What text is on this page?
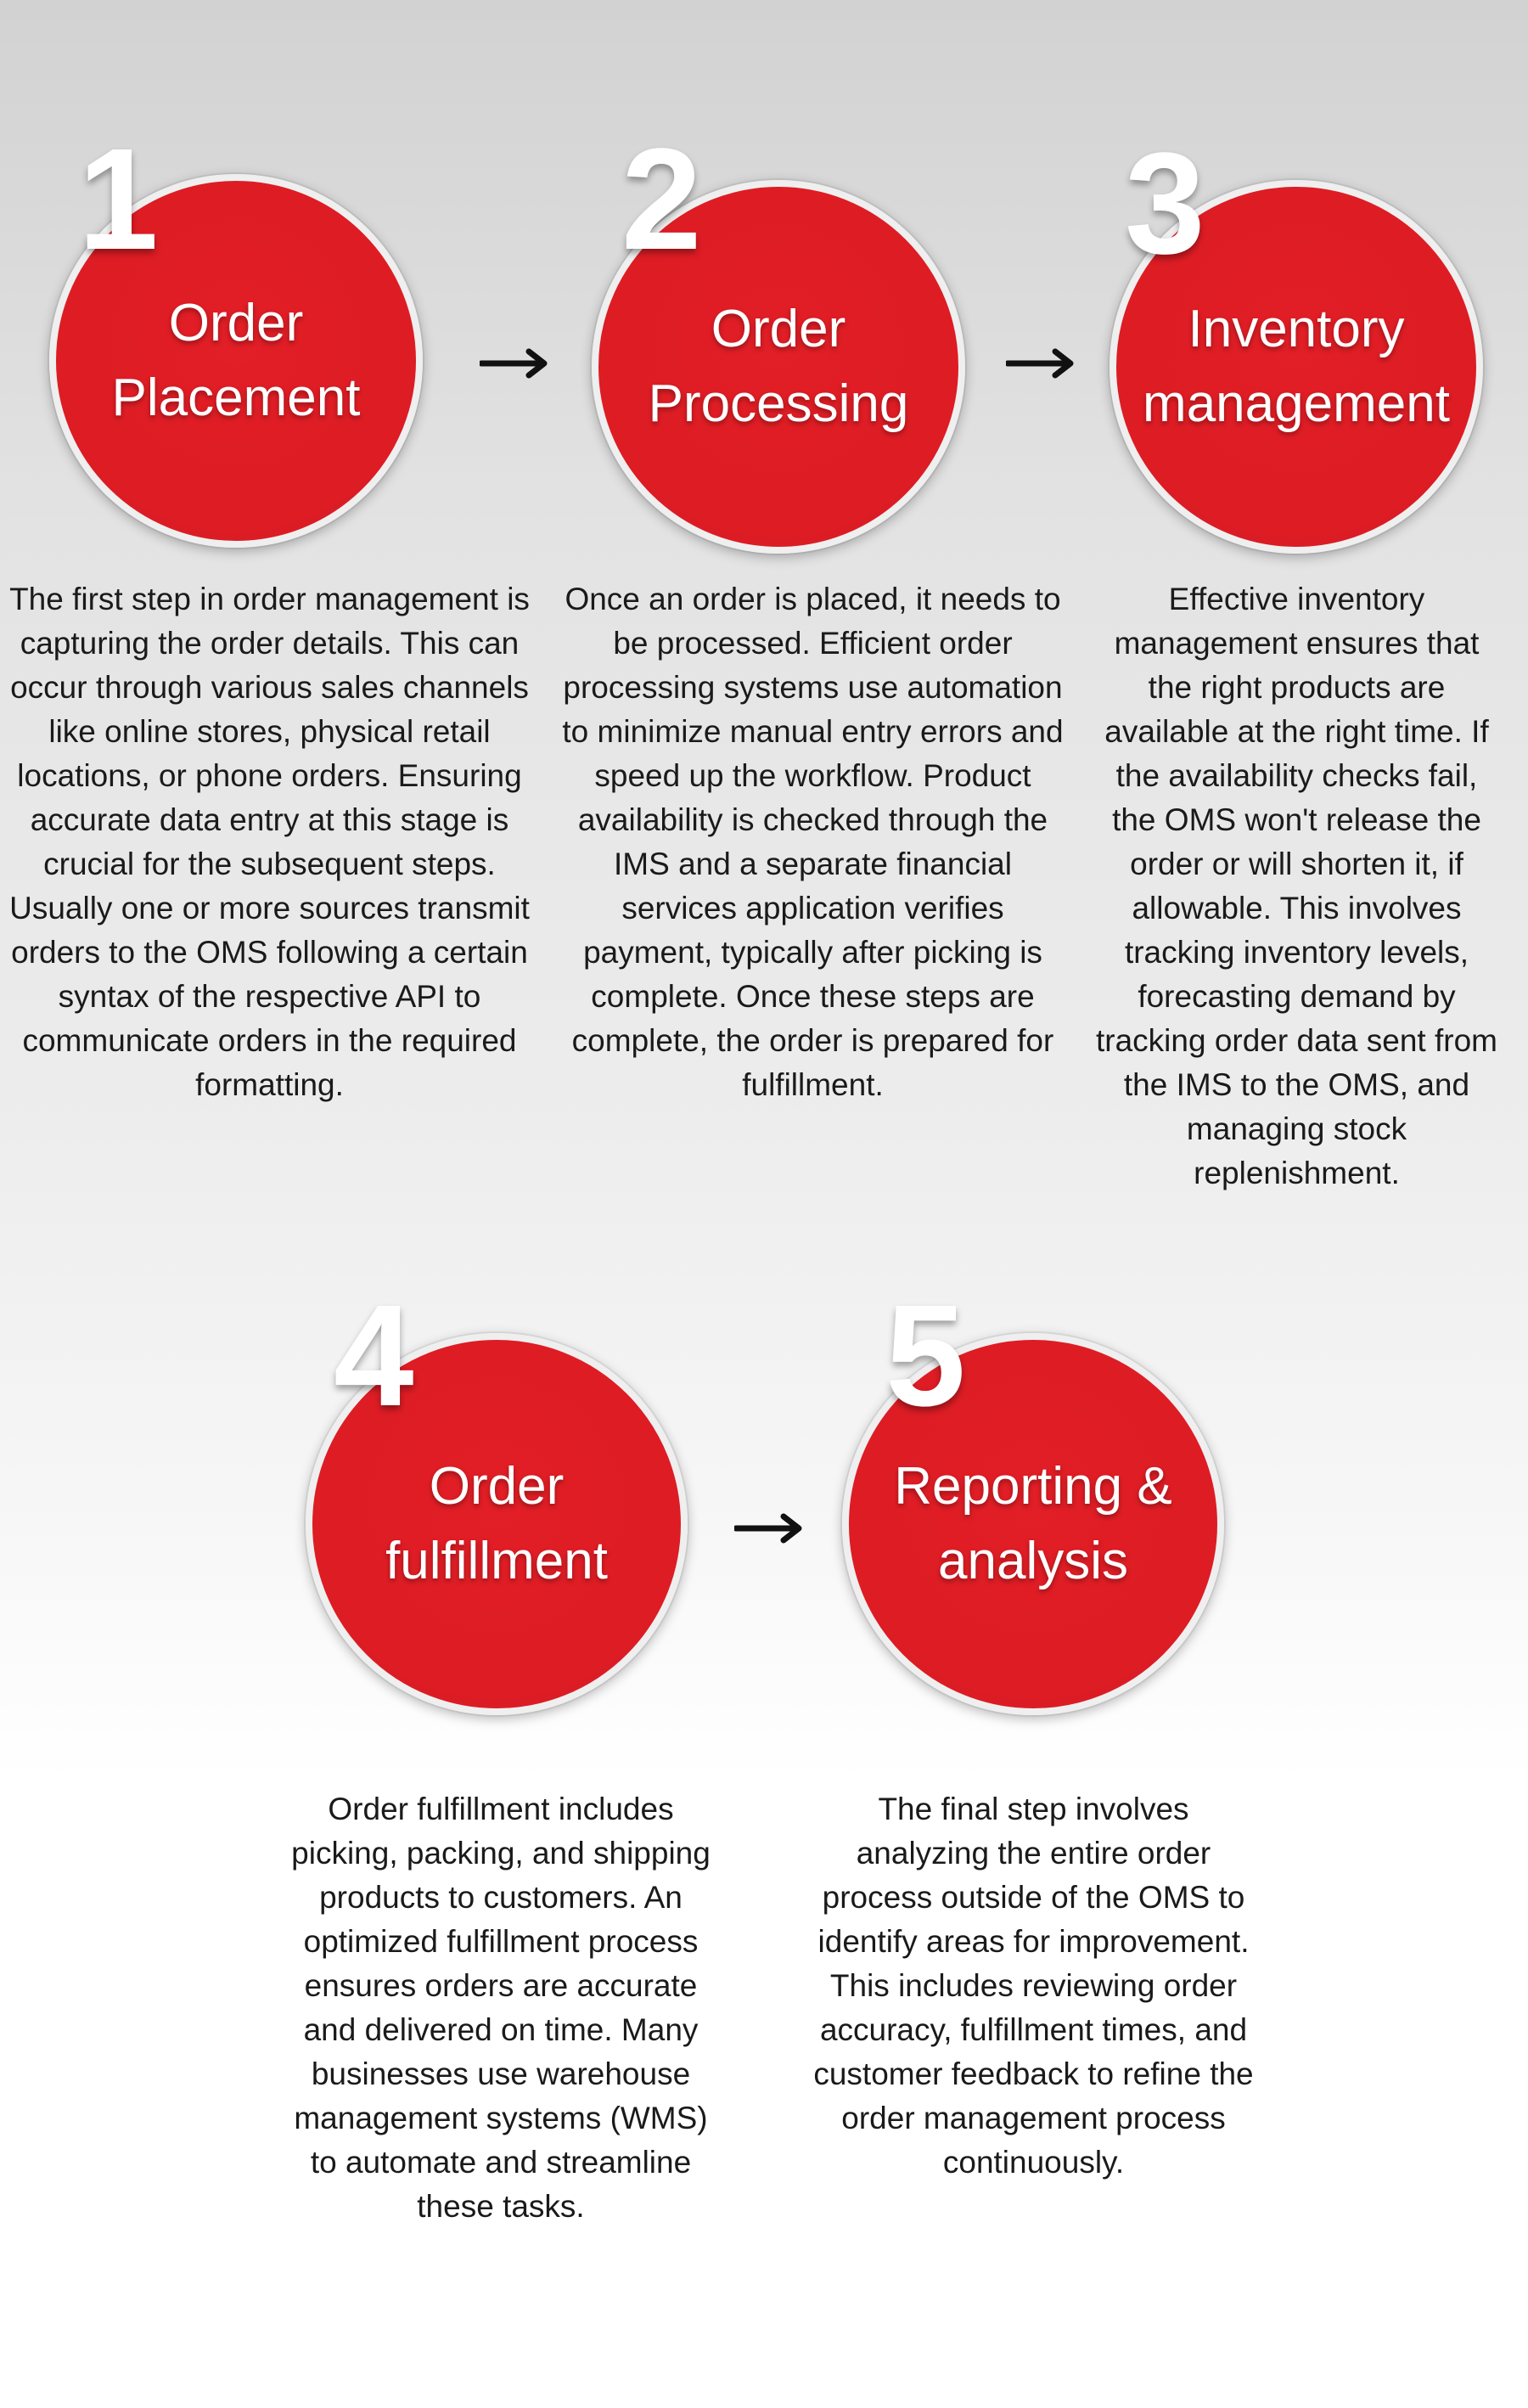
Order
Placement
1
The first step in order management is capturing the order details. This can occur through various sales channels like online stores, physical retail locations, or phone orders. Ensuring accurate data entry at this stage is crucial for the subsequent steps. Usually one or more sources transmit orders to the OMS following a certain syntax of the respective API to communicate orders in the required formatting.
Order
Processing
2
Once an order is placed, it needs to be processed. Efficient order processing systems use automation to minimize manual entry errors and speed up the workflow. Product availability is checked through the IMS and a separate financial services application verifies payment, typically after picking is complete. Once these steps are complete, the order is prepared for fulfillment.
Inventory
management
3
Effective inventory management ensures that the right products are available at the right time. If the availability checks fail, the OMS won't release the order or will shorten it, if allowable. This involves tracking inventory levels, forecasting demand by tracking order data sent from the IMS to the OMS, and managing stock replenishment.
Order
fulfillment
4
Order fulfillment includes picking, packing, and shipping products to customers. An optimized fulfillment process ensures orders are accurate and delivered on time. Many businesses use warehouse management systems (WMS) to automate and streamline these tasks.
Reporting &
analysis
5
The final step involves analyzing the entire order process outside of the OMS to identify areas for improvement. This includes reviewing order accuracy, fulfillment times, and customer feedback to refine the order management process continuously.
